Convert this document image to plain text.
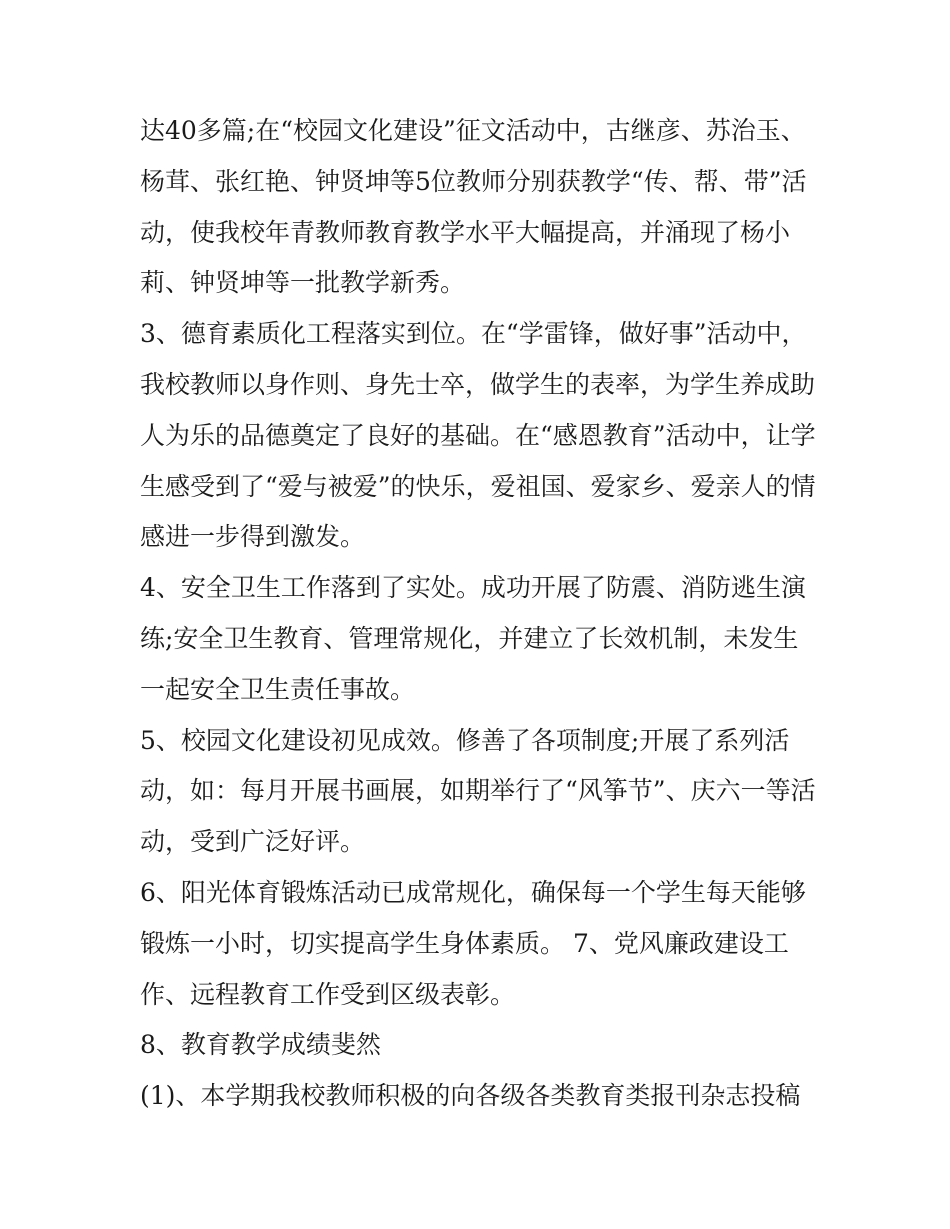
达40多篇;在“校园文化建设”征文活动中，古继彦、苏治玉、
杨茸、张红艳、钟贤坤等5位教师分别获教学“传、帮、带”活
动，使我校年青教师教育教学水平大幅提高，并涌现了杨小
莉、钟贤坤等一批教学新秀。
3、德育素质化工程落实到位。在“学雷锋，做好事”活动中，
我校教师以身作则、身先士卒，做学生的表率，为学生养成助
人为乐的品德奠定了良好的基础。在“感恩教育”活动中，让学
生感受到了“爱与被爱”的快乐，爱祖国、爱家乡、爱亲人的情
感进一步得到激发。
4、安全卫生工作落到了实处。成功开展了防震、消防逃生演
练;安全卫生教育、管理常规化，并建立了长效机制，未发生
一起安全卫生责任事故。
5、校园文化建设初见成效。修善了各项制度;开展了系列活
动，如：每月开展书画展，如期举行了“风筝节”、庆六一等活
动，受到广泛好评。
6、阳光体育锻炼活动已成常规化，确保每一个学生每天能够
锻炼一小时，切实提高学生身体素质。 7、党风廉政建设工
作、远程教育工作受到区级表彰。
8、教育教学成绩斐然
(1)、本学期我校教师积极的向各级各类教育类报刊杂志投稿
